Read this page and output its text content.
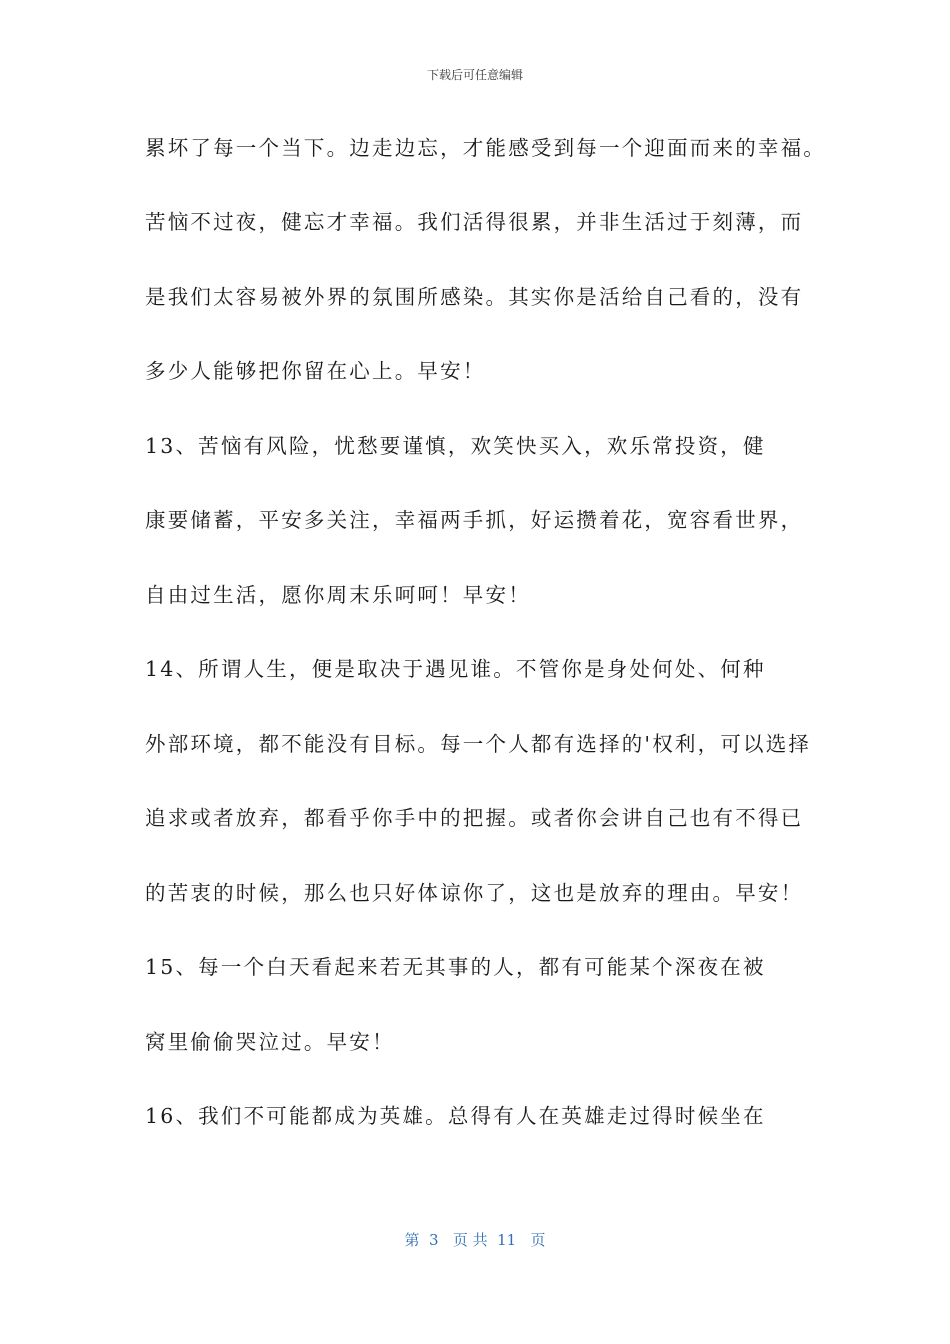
下载后可任意编辑
累坏了每一个当下。边走边忘，才能感受到每一个迎面而来的幸福。
苦恼不过夜，健忘才幸福。我们活得很累，并非生活过于刻薄，而
是我们太容易被外界的氛围所感染。其实你是活给自己看的，没有
多少人能够把你留在心上。早安！
13、苦恼有风险，忧愁要谨慎，欢笑快买入，欢乐常投资，健
康要储蓄，平安多关注，幸福两手抓，好运攒着花，宽容看世界，
自由过生活，愿你周末乐呵呵！早安！
14、所谓人生，便是取决于遇见谁。不管你是身处何处、何种
外部环境，都不能没有目标。每一个人都有选择的'权利，可以选择
追求或者放弃，都看乎你手中的把握。或者你会讲自己也有不得已
的苦衷的时候，那么也只好体谅你了，这也是放弃的理由。早安！
15、每一个白天看起来若无其事的人，都有可能某个深夜在被
窝里偷偷哭泣过。早安！
16、我们不可能都成为英雄。总得有人在英雄走过得时候坐在
第  3   页 共  11   页
